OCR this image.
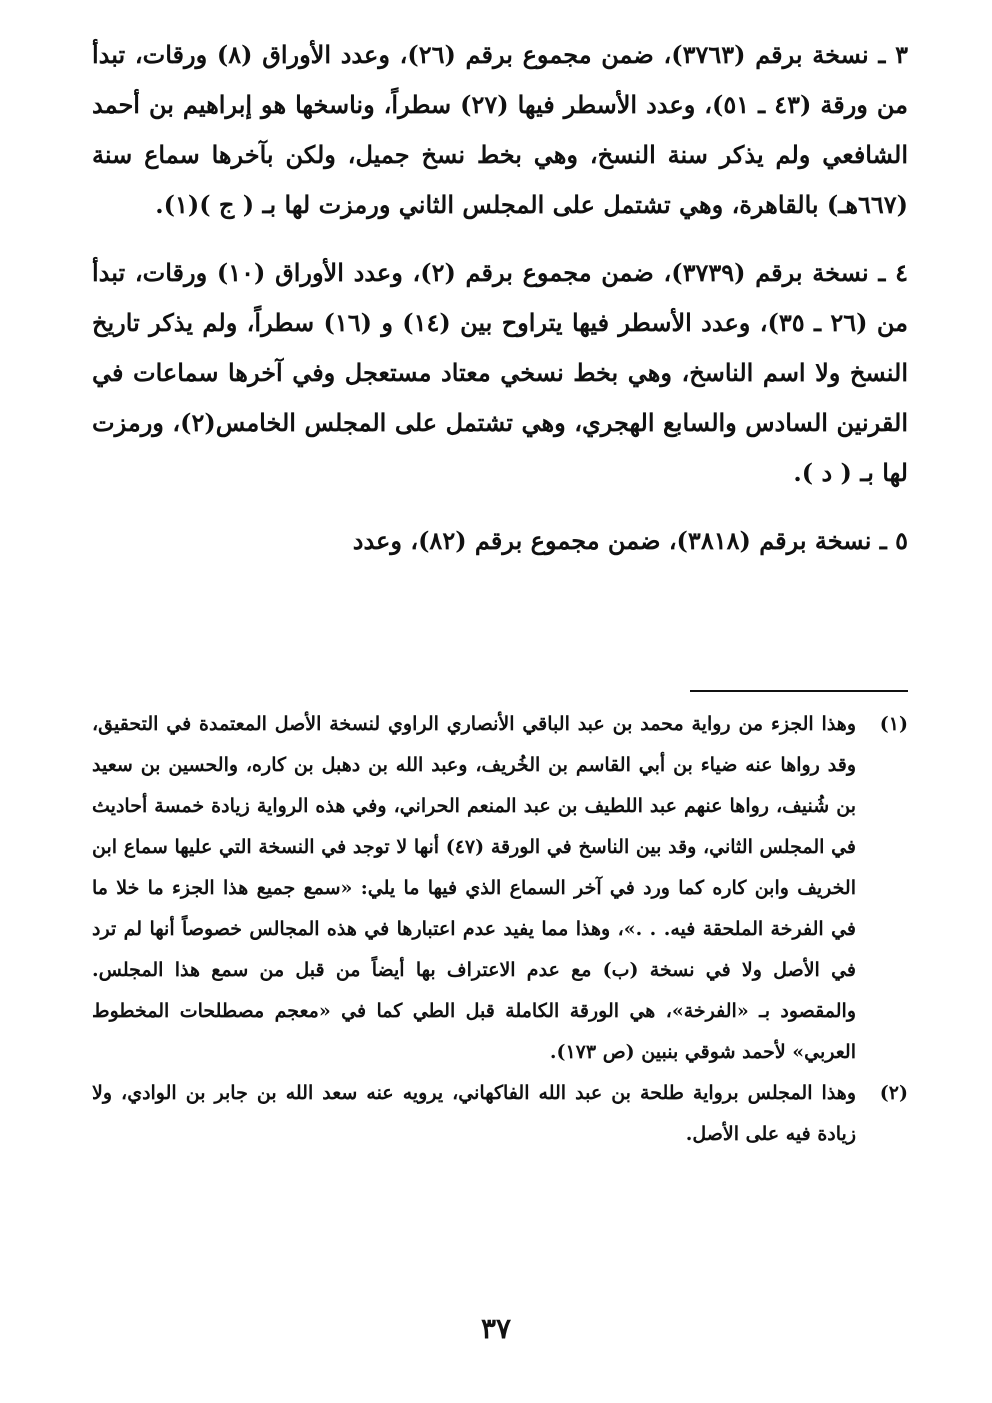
٣ ـ نسخة برقم (٣٧٦٣)، ضمن مجموع برقم (٢٦)، وعدد الأوراق (٨) ورقات، تبدأ من ورقة (٤٣ ـ ٥١)، وعدد الأسطر فيها (٢٧) سطراً، وناسخها هو إبراهيم بن أحمد الشافعي ولم يذكر سنة النسخ، وهي بخط نسخ جميل، ولكن بآخرها سماع سنة (٦٦٧هـ) بالقاهرة، وهي تشتمل على المجلس الثاني ورمزت لها بـ ( ج )(١).

٤ ـ نسخة برقم (٣٧٣٩)، ضمن مجموع برقم (٢)، وعدد الأوراق (١٠) ورقات، تبدأ من (٢٦ ـ ٣٥)، وعدد الأسطر فيها يتراوح بين (١٤) و (١٦) سطراً، ولم يذكر تاريخ النسخ ولا اسم الناسخ، وهي بخط نسخي معتاد مستعجل وفي آخرها سماعات في القرنين السادس والسابع الهجري، وهي تشتمل على المجلس الخامس(٢)، ورمزت لها بـ ( د ).

٥ ـ نسخة برقم (٣٨١٨)، ضمن مجموع برقم (٨٢)، وعدد

(١)
وهذا الجزء من رواية محمد بن عبد الباقي الأنصاري الراوي لنسخة الأصل المعتمدة في التحقيق، وقد رواها عنه ضياء بن أبي القاسم بن الخُريف، وعبد الله بن دهبل بن كاره، والحسين بن سعيد بن شُنيف، رواها عنهم عبد اللطيف بن عبد المنعم الحراني، وفي هذه الرواية زيادة خمسة أحاديث في المجلس الثاني، وقد بين الناسخ في الورقة (٤٧) أنها لا توجد في النسخة التي عليها سماع ابن الخريف وابن كاره كما ورد في آخر السماع الذي فيها ما يلي: «سمع جميع هذا الجزء ما خلا ما في الفرخة الملحقة فيه. . .»، وهذا مما يفيد عدم اعتبارها في هذه المجالس خصوصاً أنها لم ترد في الأصل ولا في نسخة (ب) مع عدم الاعتراف بها أيضاً من قبل من سمع هذا المجلس. والمقصود بـ «الفرخة»، هي الورقة الكاملة قبل الطي كما في «معجم مصطلحات المخطوط العربي» لأحمد شوقي بنبين (ص ١٧٣).
(٢)
وهذا المجلس برواية طلحة بن عبد الله الفاكهاني، يرويه عنه سعد الله بن جابر بن الوادي، ولا زيادة فيه على الأصل.
٣٧
